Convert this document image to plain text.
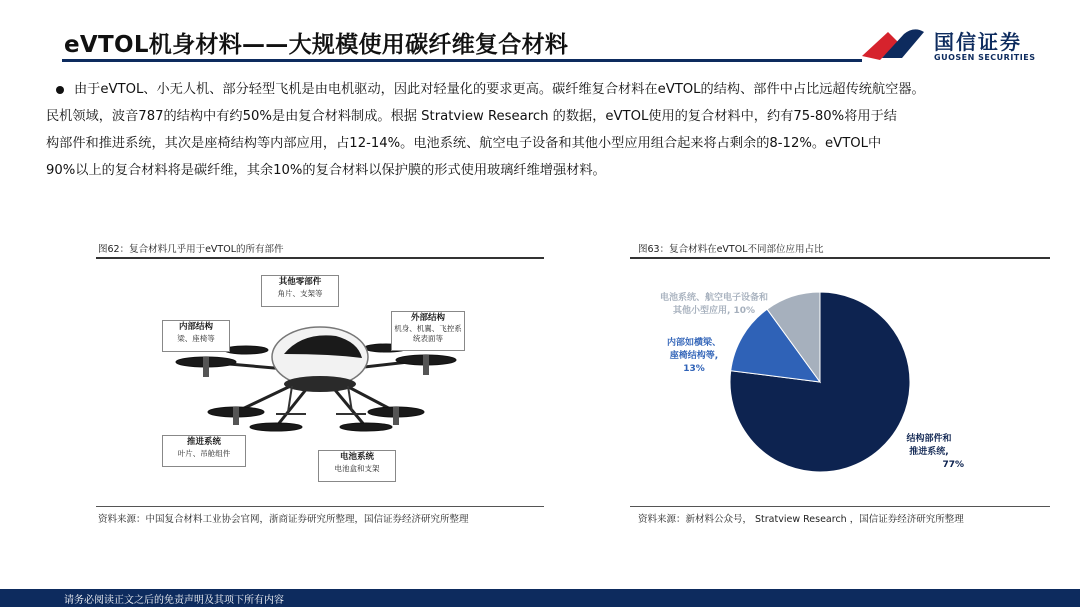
eVTOL机身材料——大规模使用碳纤维复合材料	国信证券
GUOSEN SECURITIES
由于eVTOL、小无人机、部分轻型飞机是由电机驱动，因此对轻量化的要求更高。碳纤维复合材料在eVTOL的结构、部件中占比远超传统航空器。
民机领域，波音787的结构中有约50%是由复合材料制成。根据 Stratview Research 的数据，eVTOL使用的复合材料中，约有75-80%将用于结
构部件和推进系统，其次是座椅结构等内部应用，占12-14%。电池系统、航空电子设备和其他小型应用组合起来将占剩余的8-12%。eVTOL中
90%以上的复合材料将是碳纤维，其余10%的复合材料以保护膜的形式使用玻璃纤维增强材料。
图62：复合材料几乎用于eVTOL的所有部件
其他零部件
角片、支架等
内部结构
梁、座椅等
外部结构
机身、机翼、飞控系统表面等
推进系统
叶片、吊舱组件	电池系统
电池盒和支架
资料来源：中国复合材料工业协会官网，浙商证券研究所整理，国信证券经济研究所整理
图63：复合材料在eVTOL不同部位应用占比
电池系统、航空电子设备和
其他小型应用, 10%
内部如横梁、
座椅结构等,
13%
结构部件和
推进系统,
77%
资料来源：新材料公众号， Stratview Research ，国信证券经济研究所整理
请务必阅读正文之后的免责声明及其项下所有内容
